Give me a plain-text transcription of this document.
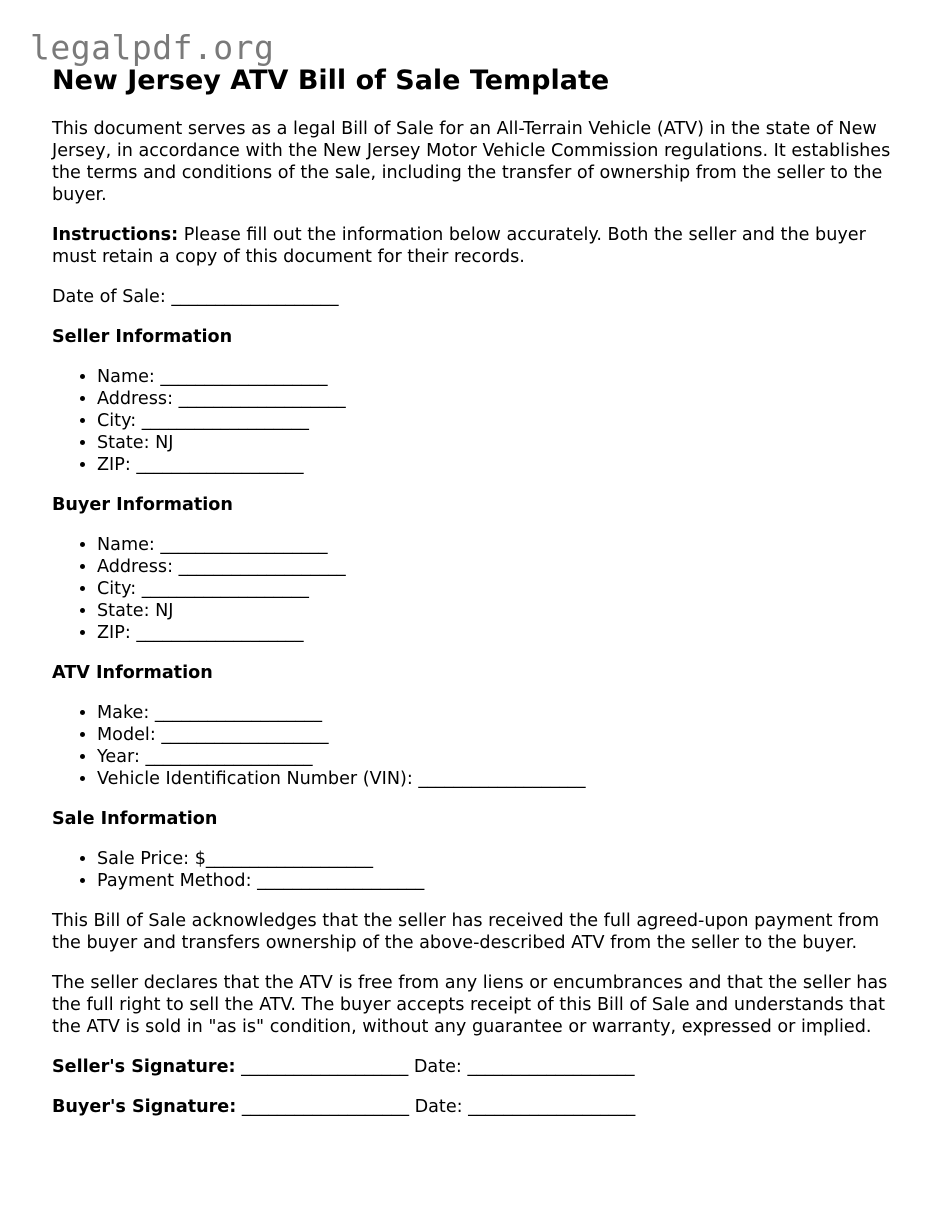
legalpdf.org
New Jersey ATV Bill of Sale Template

This document serves as a legal Bill of Sale for an All-Terrain Vehicle (ATV) in the state of New Jersey, in accordance with the New Jersey Motor Vehicle Commission regulations. It establishes the terms and conditions of the sale, including the transfer of ownership from the seller to the buyer.

Instructions: Please fill out the information below accurately. Both the seller and the buyer must retain a copy of this document for their records.

Date of Sale: ___________________

Seller Information
• Name: ___________________
• Address: ___________________
• City: ___________________
• State: NJ
• ZIP: ___________________
Buyer Information
• Name: ___________________
• Address: ___________________
• City: ___________________
• State: NJ
• ZIP: ___________________
ATV Information
• Make: ___________________
• Model: ___________________
• Year: ___________________
• Vehicle Identification Number (VIN): ___________________
Sale Information
• Sale Price: $___________________
• Payment Method: ___________________

This Bill of Sale acknowledges that the seller has received the full agreed-upon payment from the buyer and transfers ownership of the above-described ATV from the seller to the buyer.

The seller declares that the ATV is free from any liens or encumbrances and that the seller has the full right to sell the ATV. The buyer accepts receipt of this Bill of Sale and understands that the ATV is sold in "as is" condition, without any guarantee or warranty, expressed or implied.

Seller's Signature: ___________________ Date: ___________________

Buyer's Signature: ___________________ Date: ___________________
